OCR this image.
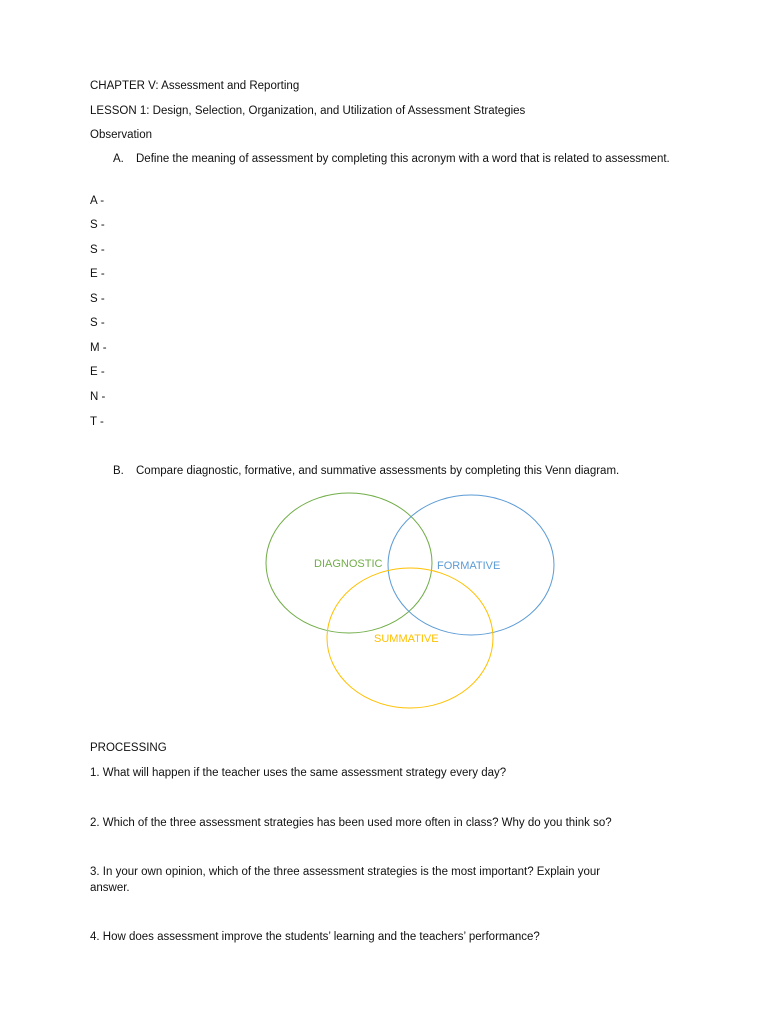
CHAPTER V: Assessment and Reporting
LESSON 1: Design, Selection, Organization, and Utilization of Assessment Strategies
Observation
A. Define the meaning of assessment by completing this acronym with a word that is related to assessment.
A -
S -
S -
E -
S -
S -
M -
E -
N -
T -
B. Compare diagnostic, formative, and summative assessments by completing this Venn diagram.
DIAGNOSTIC	FORMATIVE
SUMMATIVE
PROCESSING
1. What will happen if the teacher uses the same assessment strategy every day?
2. Which of the three assessment strategies has been used more often in class? Why do you think so?
3. In your own opinion, which of the three assessment strategies is the most important? Explain your
answer.
4. How does assessment improve the students’ learning and the teachers’ performance?
